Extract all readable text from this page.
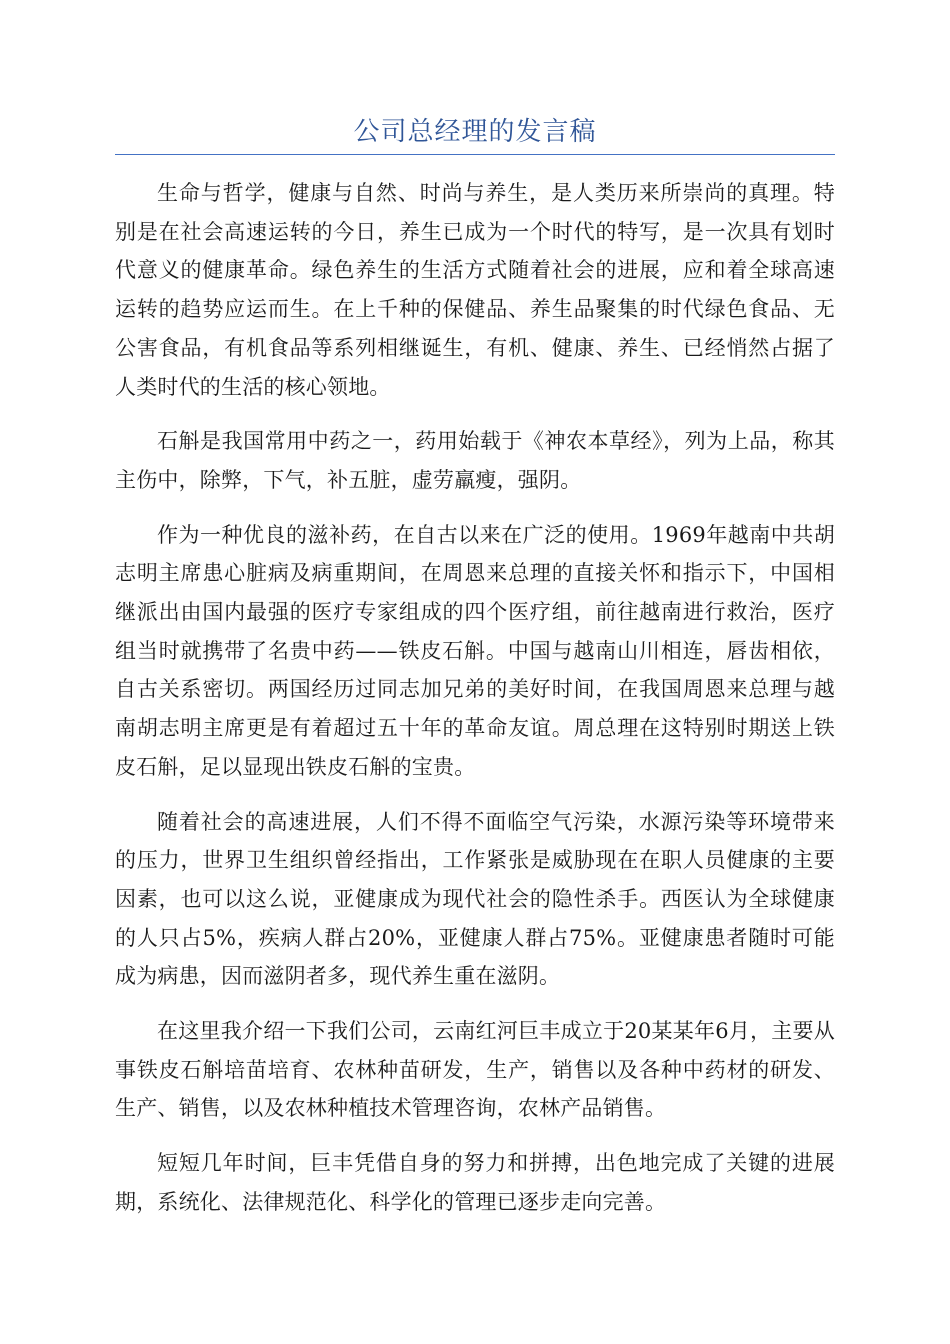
公司总经理的发言稿

生命与哲学，健康与自然、时尚与养生，是人类历来所崇尚的真理。特别是在社会高速运转的今日，养生已成为一个时代的特写，是一次具有划时代意义的健康革命。绿色养生的生活方式随着社会的进展，应和着全球高速运转的趋势应运而生。在上千种的保健品、养生品聚集的时代绿色食品、无公害食品，有机食品等系列相继诞生，有机、健康、养生、已经悄然占据了人类时代的生活的核心领地。

石斛是我国常用中药之一，药用始载于《神农本草经》，列为上品，称其主伤中，除弊，下气，补五脏，虚劳羸瘦，强阴。

作为一种优良的滋补药，在自古以来在广泛的使用。1969年越南中共胡志明主席患心脏病及病重期间，在周恩来总理的直接关怀和指示下，中国相继派出由国内最强的医疗专家组成的四个医疗组，前往越南进行救治，医疗组当时就携带了名贵中药——铁皮石斛。中国与越南山川相连，唇齿相依，自古关系密切。两国经历过同志加兄弟的美好时间，在我国周恩来总理与越南胡志明主席更是有着超过五十年的革命友谊。周总理在这特别时期送上铁皮石斛，足以显现出铁皮石斛的宝贵。

随着社会的高速进展，人们不得不面临空气污染，水源污染等环境带来的压力，世界卫生组织曾经指出，工作紧张是威胁现在在职人员健康的主要因素，也可以这么说，亚健康成为现代社会的隐性杀手。西医认为全球健康的人只占5%，疾病人群占20%，亚健康人群占75%。亚健康患者随时可能成为病患，因而滋阴者多，现代养生重在滋阴。

在这里我介绍一下我们公司，云南红河巨丰成立于20某某年6月，主要从事铁皮石斛培苗培育、农林种苗研发，生产，销售以及各种中药材的研发、生产、销售，以及农林种植技术管理咨询，农林产品销售。

短短几年时间，巨丰凭借自身的努力和拼搏，出色地完成了关键的进展期，系统化、法律规范化、科学化的管理已逐步走向完善。
